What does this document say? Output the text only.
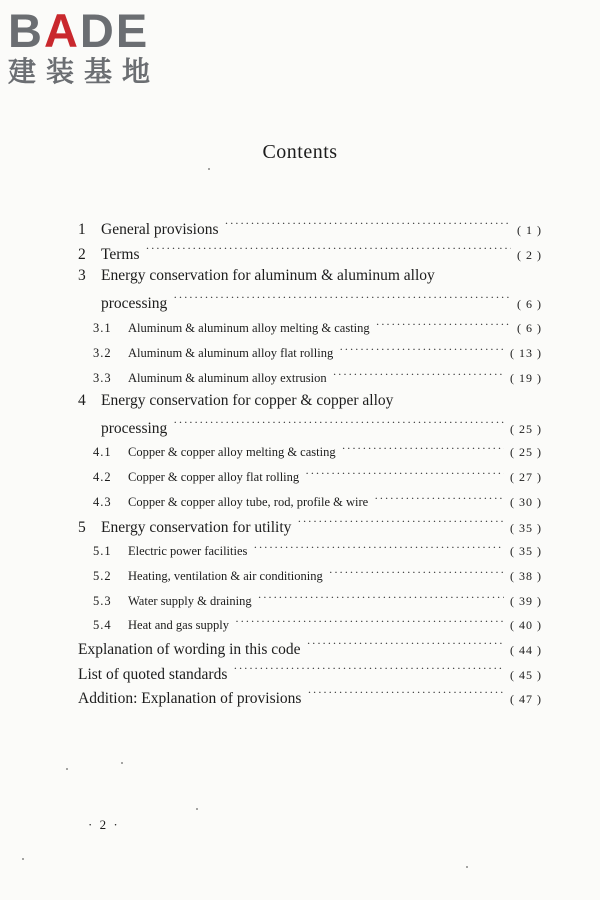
BADE
建装基地
Contents
1 General provisions ·····	( 1 )
2 Terms ·····	( 2 )
3 Energy conservation for aluminum & aluminum alloy
processing ·····	( 6 )
3.1	Aluminum & aluminum alloy melting & casting ·····	( 6 )
3.2	Aluminum & aluminum alloy flat rolling ·····	( 13 )
3.3	Aluminum & aluminum alloy extrusion ·····	( 19 )
4 Energy conservation for copper & copper alloy
processing ·····	( 25 )
4.1	Copper & copper alloy melting & casting ·····	( 25 )
4.2	Copper & copper alloy flat rolling ·····	( 27 )
4.3	Copper & copper alloy tube, rod, profile & wire ·····	( 30 )
5 Energy conservation for utility ·····	( 35 )
5.1	Electric power facilities ·····	( 35 )
5.2	Heating, ventilation & air conditioning ·····	( 38 )
5.3	Water supply & draining ·····	( 39 )
5.4	Heat and gas supply ·····	( 40 )
Explanation of wording in this code ·····	( 44 )
List of quoted standards ·····	( 45 )
Addition: Explanation of provisions ·····	( 47 )
· 2 ·
